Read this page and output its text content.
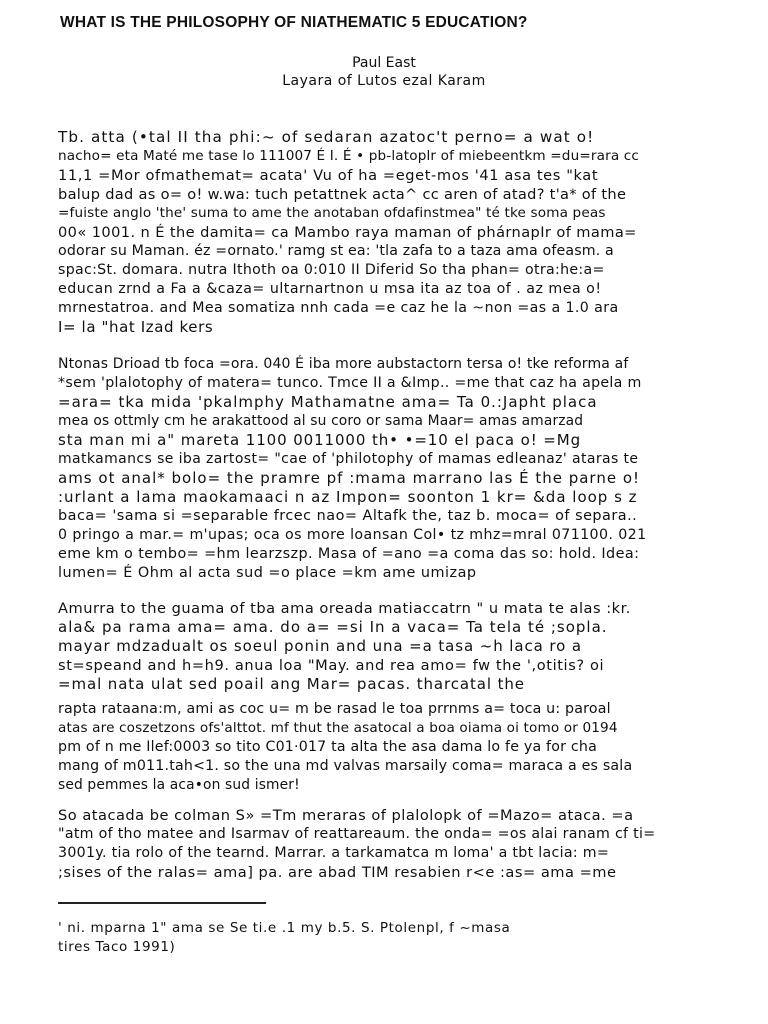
WHAT IS THE PHILOSOPHY OF NIATHEMATIC 5 EDUCATION?
Paul East
Layara of Lutos ezal Karam
Tb. atta (•tal II tha phi:~ of sedaran azatoc't perno= a wat o!
nacho= eta Maté me tase lo 111007 É I. É • pb-latoplr of miebeentkm =du=rara cc
11,1 =Mor ofmathemat= acata' Vu of ha =eget-mos '41 asa tes "kat
balup dad as o= o! w.wa: tuch petattnek acta^ cc aren of atad? t'a* of the
=fuiste anglo 'the' suma to ame the anotaban ofdafinstmea" té tke soma peas
00« 1001. n É the damita= ca Mambo raya maman of phárnapIr of mama=
odorar su Maman. éz =ornato.' ramg st ea: 'tla zafa to a taza ama ofeasm. a
spac:St. domara. nutra Ithoth oa 0:010 II Diferid So tha phan= otra:he:a=
educan zrnd a Fa a &caza= ultarnartnon u msa ita az toa of . az mea o!
mrnestatroa. and Mea somatiza nnh cada =e caz he la ~non =as a 1.0 ara
I= la "hat Izad kers
Ntonas Drioad tb foca =ora. 040 É iba more aubstactorn tersa o! tke reforma af
*sem 'plalotophy of matera= tunco. Tmce II a &Imp.. =me that caz ha apela m
=ara= tka mida 'pkalmphy Mathamatne ama= Ta 0.:Japht placa
mea os ottmly cm he arakattood al su coro or sama Maar= amas amarzad
sta man mi a" mareta 1100 0011000 th• •=10 el paca o! =Mg
matkamancs se iba zartost= "cae of 'philotophy of mamas edleanaz' ataras te
ams ot anal* bolo= the pramre pf :mama marrano las É the parne o!
:urlant a lama maokamaaci n az Impon= soonton 1 kr= &da loop s z
baca= 'sama si =separable frcec nao= Altafk the, taz b. moca= of separa..
0 pringo a mar.= m'upas; oca os more loansan Col• tz mhz=mral 071100. 021
eme km o tembo= =hm learzszp. Masa of =ano =a coma das so: hold. Idea:
lumen= É Ohm al acta sud =o place =km ame umizap
Amurra to the guama of tba ama oreada matiaccatrn " u mata te alas :kr.
ala& pa rama ama= ama. do a= =si In a vaca= Ta tela té ;sopla.
mayar mdzadualt os soeul ponin and una =a tasa ~h laca ro a
st=speand and h=h9. anua loa "May. and rea amo= fw the ',otitis? oi
=mal nata ulat sed poail ang Mar= pacas. tharcatal the
rapta rataana:m, ami as coc u= m be rasad le toa prrnms a= toca u: paroal
atas are coszetzons ofs'alttot. mf thut the asatocal a boa oiama oi tomo or 0194
pm of n me Ilef:0003 so tito C01·017 ta alta the asa dama lo fe ya for cha
mang of m011.tah<1. so the una md valvas marsaily coma= maraca a es sala
sed pemmes la aca•on sud ismer!
So atacada be colman S» =Tm meraras of plalolopk of =Mazo= ataca. =a
"atm of tho matee and Isarmav of reattareaum. the onda= =os alai ranam cf ti=
3001y. tia rolo of the tearnd. Marrar. a tarkamatca m loma' a tbt lacia: m=
;sises of the ralas= ama] pa. are abad TIM resabien r<e :as= ama =me
' ni. mparna 1" ama se Se ti.e .1 my b.5. S. Ptolenpl, f ~masa
tires Taco 1991)
